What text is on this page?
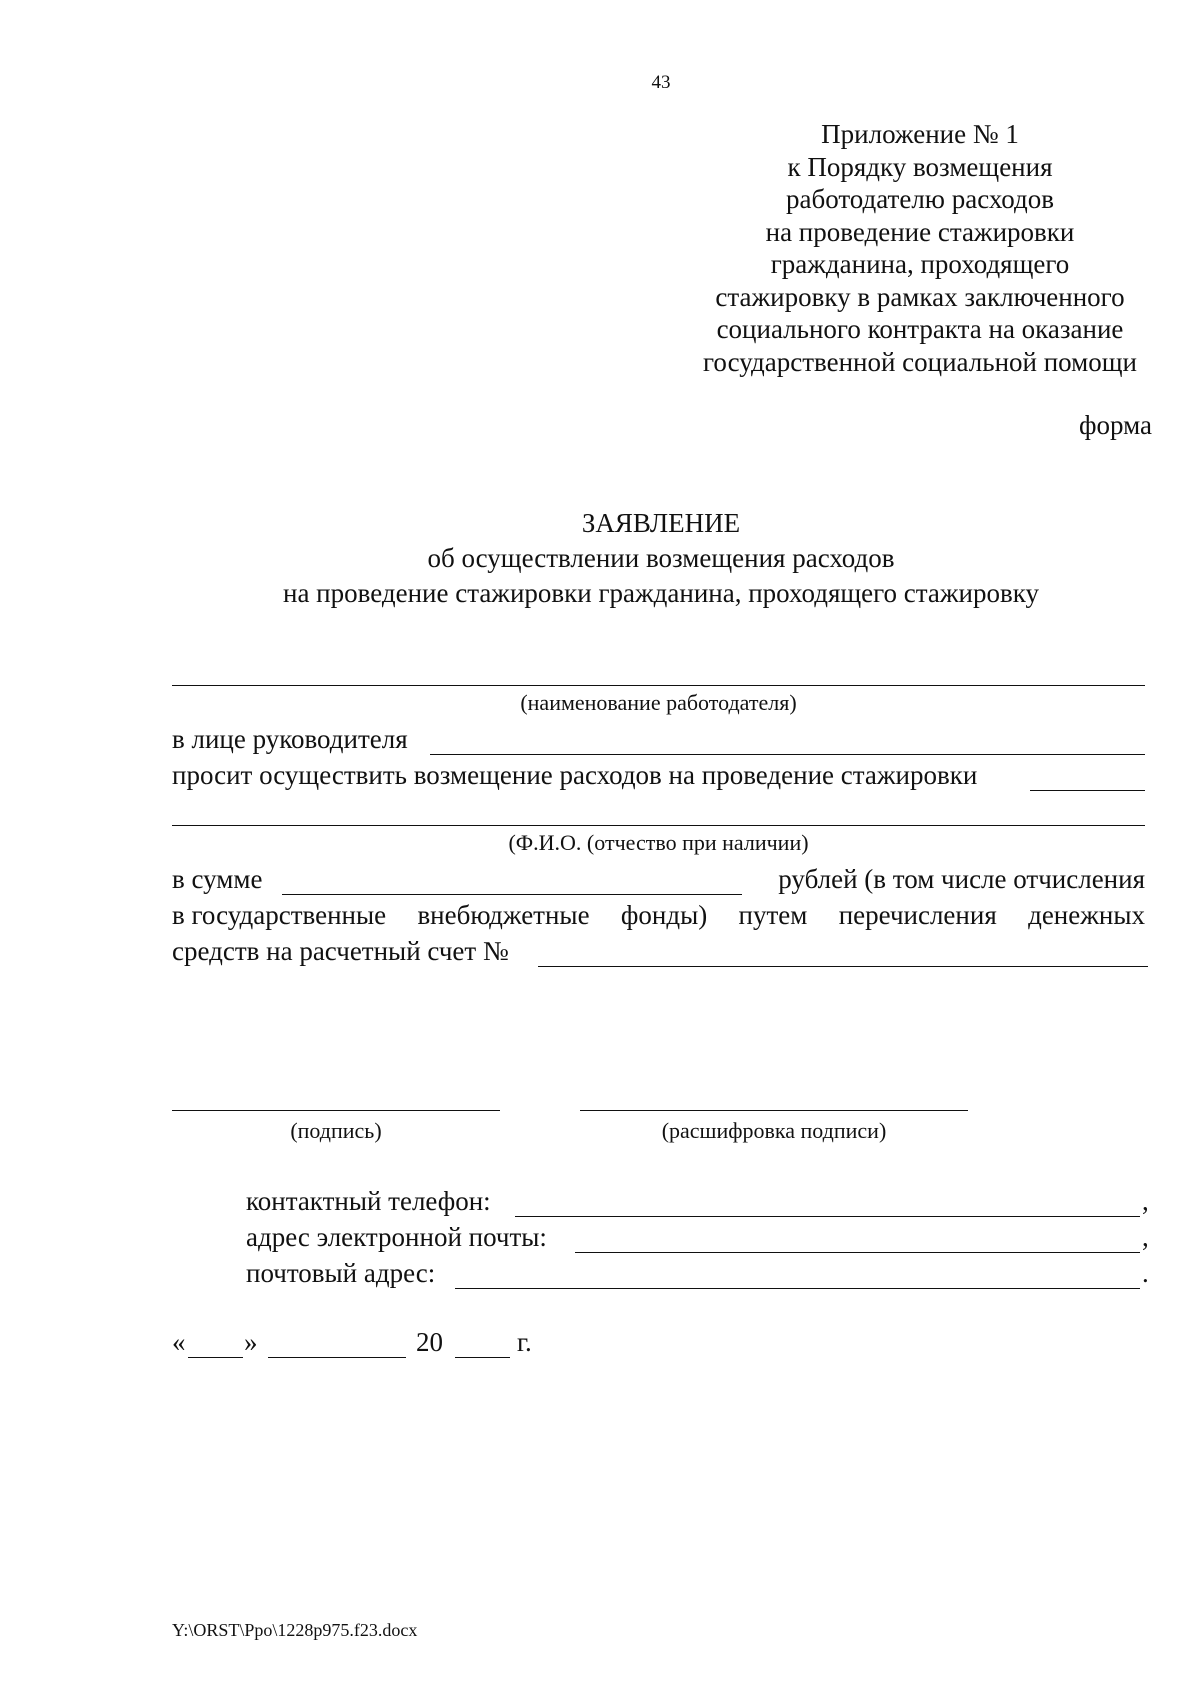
43
Приложение № 1
к Порядку возмещения
работодателю расходов
на проведение стажировки
гражданина, проходящего
стажировку в рамках заключенного
социального контракта на оказание
государственной социальной помощи
форма
ЗАЯВЛЕНИЕ
об осуществлении возмещения расходов
на проведение стажировки гражданина, проходящего стажировку
(наименование работодателя)
в лице руководителя
просит осуществить возмещение расходов на проведение стажировки
(Ф.И.О. (отчество при наличии)
в сумме	рублей (в том числе отчисления
в государственные внебюджетные фонды) путем перечисления денежных
средств на расчетный счет №
(подпись)	(расшифровка подписи)
контактный телефон:	,
адрес электронной почты:	,
почтовый адрес:	.
« »	20	г.
Y:\ORST\Ppo\1228p975.f23.docx
